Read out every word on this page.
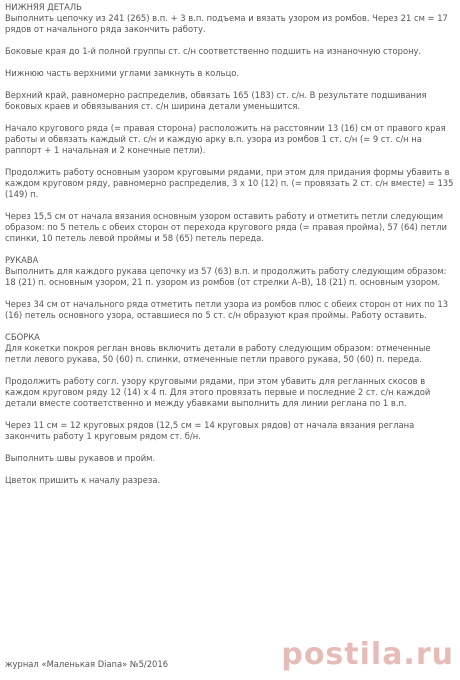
НИЖНЯЯ ДЕТАЛЬ

Выполнить цепочку из 241 (265) в.п. + 3 в.п. подъема и вязать узором из ромбов. Через 21 см = 17 рядов от начального ряда закончить работу.

Боковые края до 1-й полной группы ст. с/н соответственно подшить на изнаночную сторону.

Нижнюю часть верхними углами замкнуть в кольцо.

Верхний край, равномерно распределив, обвязать 165 (183) ст. с/н. В результате подшивания боковых краев и обвязывания ст. с/н ширина детали уменьшится.

Начало кругового ряда (= правая сторона) расположить на расстоянии 13 (16) см от правого края работы и обвязать каждый ст. с/н и каждую арку в.п. узора из ромбов 1 ст. с/н (= 9 ст. с/н на раппорт + 1 начальная и 2 конечные петли).

Продолжить работу основным узором круговыми рядами, при этом для придания формы убавить в каждом круговом ряду, равномерно распределив, 3 x 10 (12) п. (= провязать 2 ст. с/н вместе) = 135 (149) п.

Через 15,5 см от начала вязания основным узором оставить работу и отметить петли следующим образом: по 5 петель с обеих сторон от перехода кругового ряда (= правая пройма), 57 (64) петли спинки, 10 петель левой проймы и 58 (65) петель переда.

РУКАВА

Выполнить для каждого рукава цепочку из 57 (63) в.п. и продолжить работу следующим образом: 18 (21) п. основным узором, 21 п. узором из ромбов (от стрелки A–B), 18 (21) п. основным узором.

Через 34 см от начального ряда отметить петли узора из ромбов плюс с обеих сторон от них по 13 (16) петель основного узора, оставшиеся по 5 ст. с/н образуют края проймы. Работу оставить.

СБОРКА

Для кокетки покроя реглан вновь включить детали в работу следующим образом: отмеченные петли левого рукава, 50 (60) п. спинки, отмеченные петли правого рукава, 50 (60) п. переда.

Продолжить работу согл. узору круговыми рядами, при этом убавить для регланных скосов в каждом круговом ряду 12 (14) x 4 п. Для этого провязать первые и последние 2 ст. с/н каждой детали вместе соответственно и между убавками выполнить для линии реглана по 1 в.п.

Через 11 см = 12 круговых рядов (12,5 см = 14 круговых рядов) от начала вязания реглана закончить работу 1 круговым рядом ст. б/н.

Выполнить швы рукавов и пройм.

Цветок пришить к началу разреза.

журнал «Маленькая Diana» №5/2016	postila.ru
